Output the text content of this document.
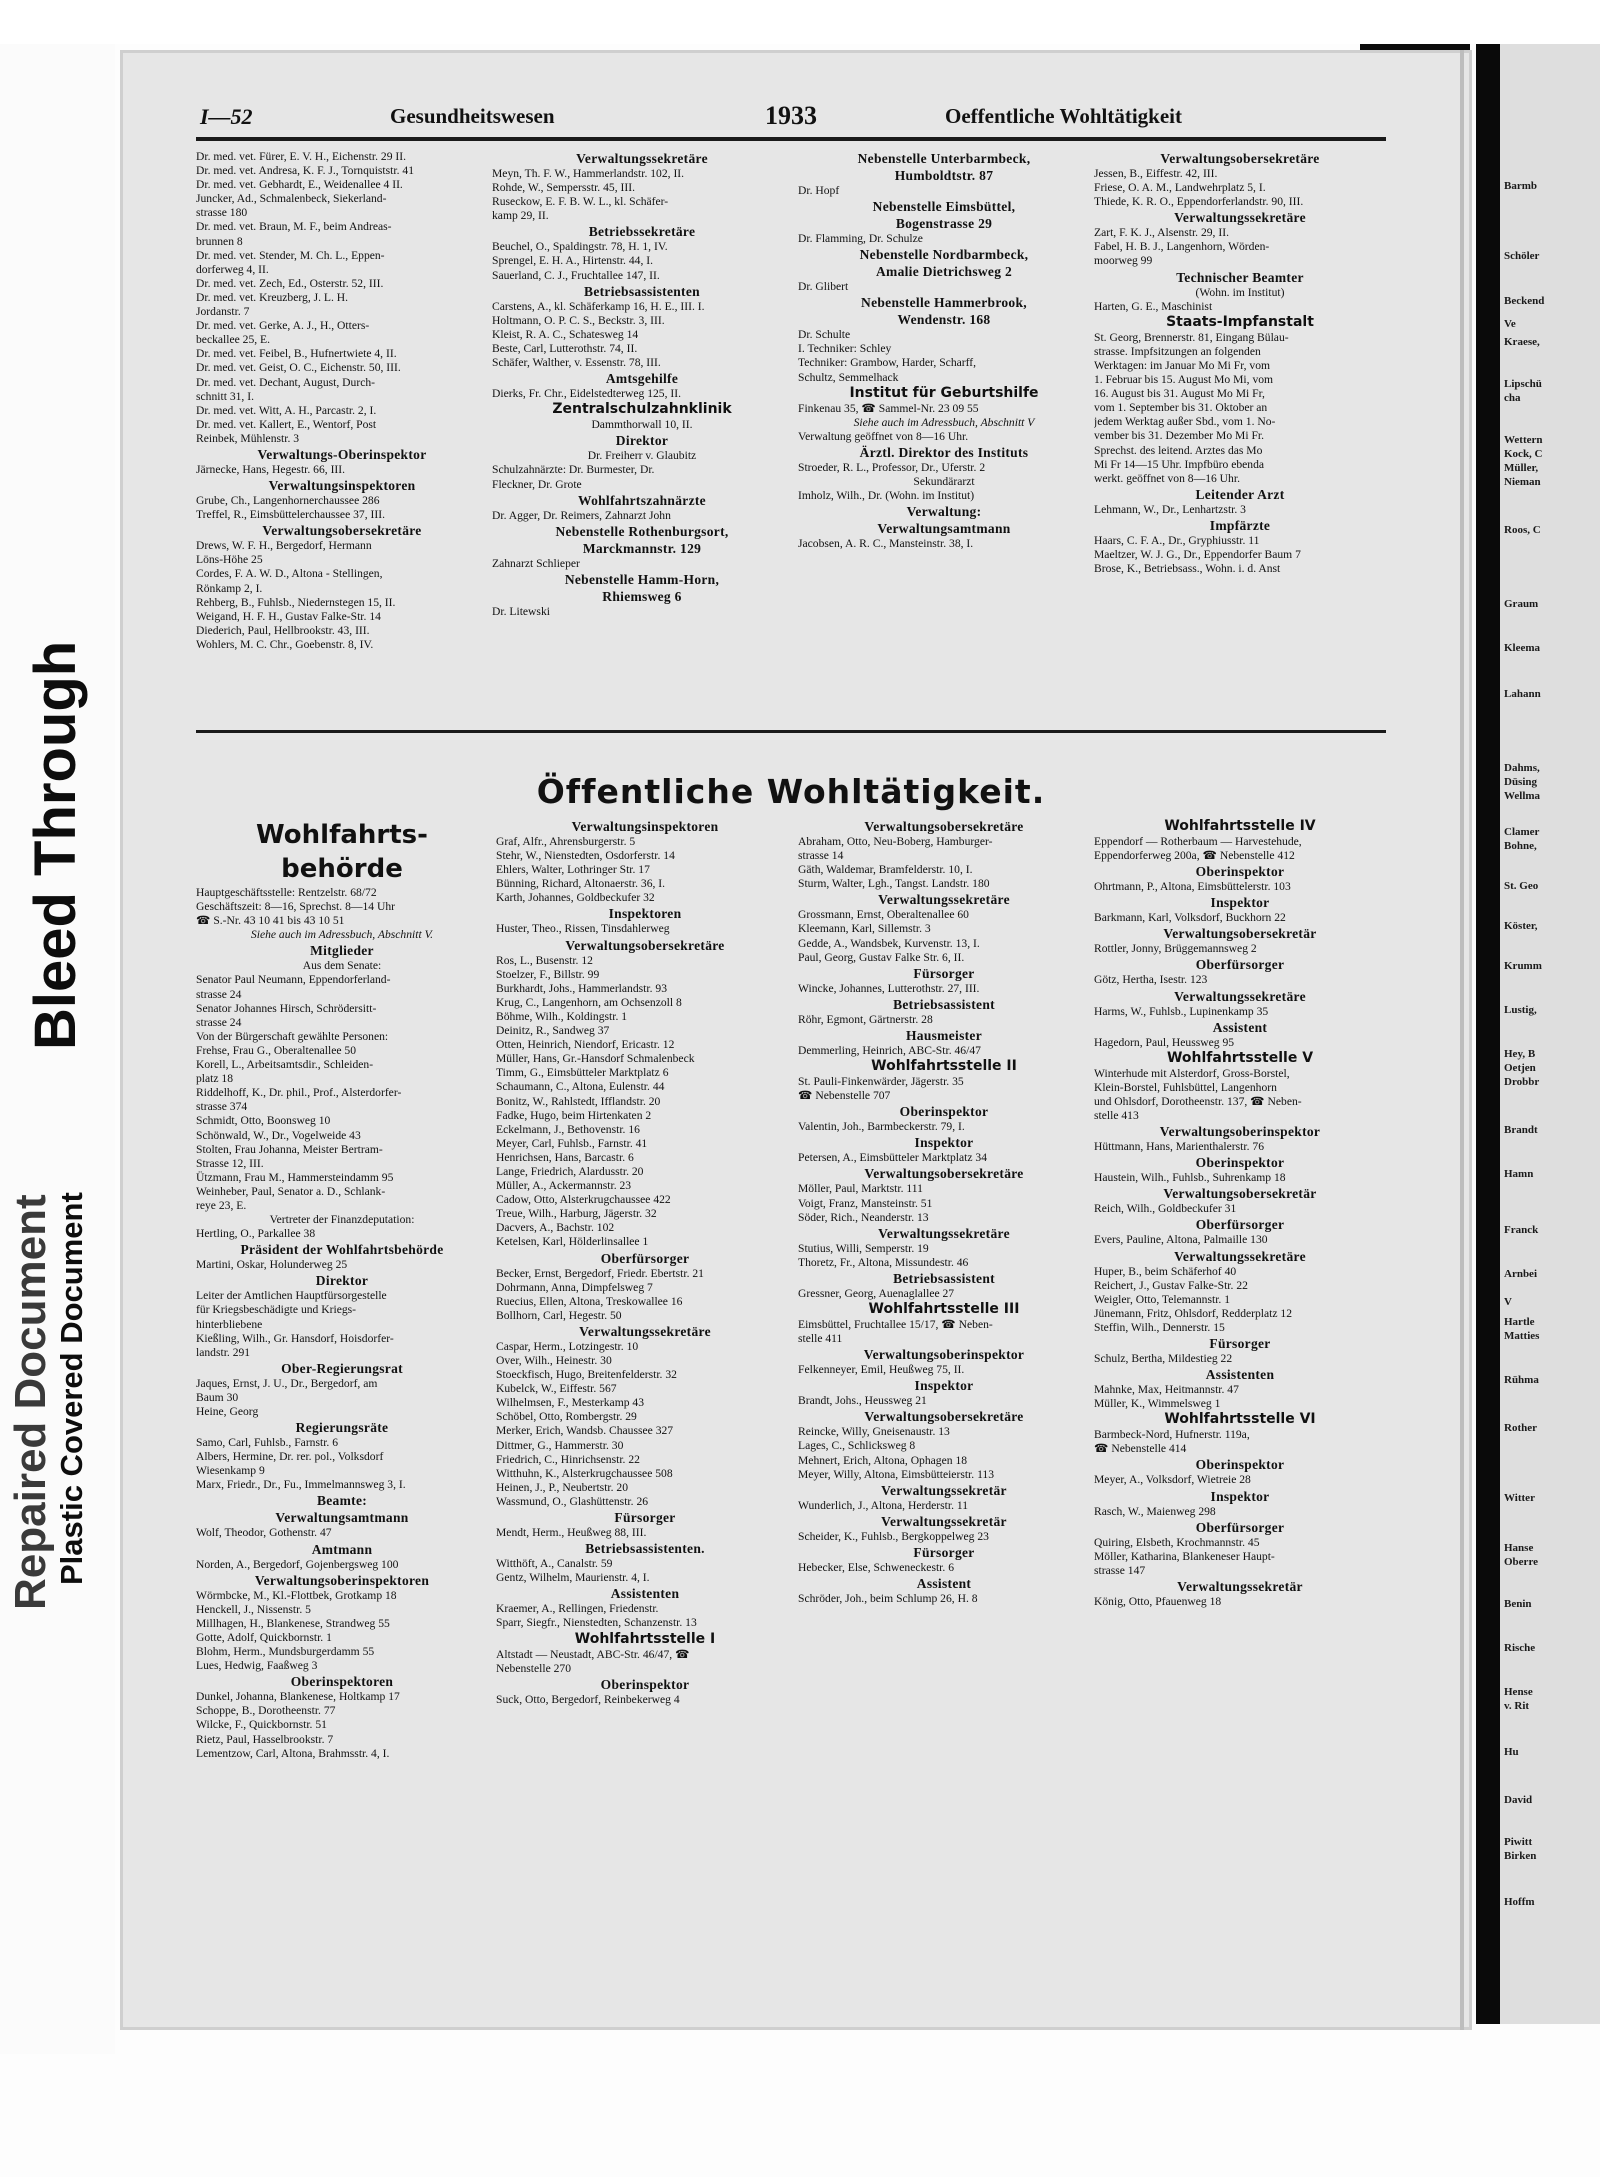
Repaired Document Plastic Covered Document
Bleed Through
Barmb
Schöler
Beckend
Ve
Kraese,
Lipschü
cha
Wettern
Kock, C
Müller,
Nieman
Roos, C
Graum
Kleema
Lahann
Dahms,
Düsing
Wellma
Clamer
Bohne,
St. Geo
Köster,
Krumm
Lustig,
Hey, B
Oetjen
Drobbr
Brandt
Hamn
Franck
Arnbei
V
Hartle
Matties
Rühma
Rother
Witter
Hanse
Oberre
Benin
Rische
Hense
v. Rit
Hu
David
Piwitt
Birken
Hoffm
I—52	Gesundheitswesen	1933	Oeffentliche Wohltätigkeit
Dr. med. vet. Fürer, E. V. H., Eichenstr. 29 II.
Dr. med. vet. Andresa, K. F. J., Tornquiststr. 41
Dr. med. vet. Gebhardt, E., Weidenallee 4 II.
Juncker, Ad., Schmalenbeck, Siekerland-
strasse 180
Dr. med. vet. Braun, M. F., beim Andreas-
brunnen 8
Dr. med. vet. Stender, M. Ch. L., Eppen-
dorferweg 4, II.
Dr. med. vet. Zech, Ed., Osterstr. 52, III.
Dr. med. vet. Kreuzberg, J. L. H.
Jordanstr. 7
Dr. med. vet. Gerke, A. J., H., Otters-
beckallee 25, E.
Dr. med. vet. Feibel, B., Hufnertwiete 4, II.
Dr. med. vet. Geist, O. C., Eichenstr. 50, III.
Dr. med. vet. Dechant, August, Durch-
schnitt 31, I.
Dr. med. vet. Witt, A. H., Parcastr. 2, I.
Dr. med. vet. Kallert, E., Wentorf, Post
Reinbek, Mühlenstr. 3
Verwaltungs-Oberinspektor
Järnecke, Hans, Hegestr. 66, III.
Verwaltungsinspektoren
Grube, Ch., Langenhornerchaussee 286
Treffel, R., Eimsbüttelerchaussee 37, III.
Verwaltungsobersekretäre
Drews, W. F. H., Bergedorf, Hermann
Löns-Höhe 25
Cordes, F. A. W. D., Altona - Stellingen,
Rönkamp 2, I.
Rehberg, B., Fuhlsb., Niedernstegen 15, II.
Weigand, H. F. H., Gustav Falke-Str. 14
Diederich, Paul, Hellbrookstr. 43, III.
Wohlers, M. C. Chr., Goebenstr. 8, IV.
Verwaltungssekretäre
Meyn, Th. F. W., Hammerlandstr. 102, II.
Rohde, W., Sempersstr. 45, III.
Ruseckow, E. F. B. W. L., kl. Schäfer-
kamp 29, II.
Betriebssekretäre
Beuchel, O., Spaldingstr. 78, H. 1, IV.
Sprengel, E. H. A., Hirtenstr. 44, I.
Sauerland, C. J., Fruchtallee 147, II.
Betriebsassistenten
Carstens, A., kl. Schäferkamp 16, H. E., III. I.
Holtmann, O. P. C. S., Beckstr. 3, III.
Kleist, R. A. C., Schatesweg 14
Beste, Carl, Lutterothstr. 74, II.
Schäfer, Walther, v. Essenstr. 78, III.
Amtsgehilfe
Dierks, Fr. Chr., Eidelstedterweg 125, II.
Zentralschulzahnklinik
Dammthorwall 10, II.
Direktor
Dr. Freiherr v. Glaubitz
Schulzahnärzte: Dr. Burmester, Dr.
Fleckner, Dr. Grote
Wohlfahrtszahnärzte
Dr. Agger, Dr. Reimers, Zahnarzt John
Nebenstelle Rothenburgsort,
Marckmannstr. 129
Zahnarzt Schlieper
Nebenstelle Hamm-Horn,
Rhiemsweg 6
Dr. Litewski
Nebenstelle Unterbarmbeck,
Humboldtstr. 87
Dr. Hopf
Nebenstelle Eimsbüttel,
Bogenstrasse 29
Dr. Flamming, Dr. Schulze
Nebenstelle Nordbarmbeck,
Amalie Dietrichsweg 2
Dr. Glibert
Nebenstelle Hammerbrook,
Wendenstr. 168
Dr. Schulte
I. Techniker: Schley
Techniker: Grambow, Harder, Scharff,
Schultz, Semmelhack
Institut für Geburtshilfe
Finkenau 35, ☎ Sammel-Nr. 23 09 55
Siehe auch im Adressbuch, Abschnitt V
Verwaltung geöffnet von 8—16 Uhr.
Ärztl. Direktor des Instituts
Stroeder, R. L., Professor, Dr., Uferstr. 2
Sekundärarzt
Imholz, Wilh., Dr. (Wohn. im Institut)
Verwaltung:
Verwaltungsamtmann
Jacobsen, A. R. C., Mansteinstr. 38, I.
Verwaltungsobersekretäre
Jessen, B., Eiffestr. 42, III.
Friese, O. A. M., Landwehrplatz 5, I.
Thiede, K. R. O., Eppendorferlandstr. 90, III.
Verwaltungssekretäre
Zart, F. K. J., Alsenstr. 29, II.
Fabel, H. B. J., Langenhorn, Wörden-
moorweg 99
Technischer Beamter
(Wohn. im Institut)
Harten, G. E., Maschinist
Staats-Impfanstalt
St. Georg, Brennerstr. 81, Eingang Bülau-
strasse. Impfsitzungen an folgenden
Werktagen: im Januar Mo Mi Fr, vom
1. Februar bis 15. August Mo Mi, vom
16. August bis 31. August Mo Mi Fr,
vom 1. September bis 31. Oktober an
jedem Werktag außer Sbd., vom 1. No-
vember bis 31. Dezember Mo Mi Fr.
Sprechst. des leitend. Arztes das Mo
Mi Fr 14—15 Uhr. Impfbüro ebenda
werkt. geöffnet von 8—16 Uhr.
Leitender Arzt
Lehmann, W., Dr., Lenhartzstr. 3
Impfärzte
Haars, C. F. A., Dr., Gryphiusstr. 11
Maeltzer, W. J. G., Dr., Eppendorfer Baum 7
Brose, K., Betriebsass., Wohn. i. d. Anst
Öffentliche Wohltätigkeit.
Wohlfahrts-
behörde
Hauptgeschäftsstelle: Rentzelstr. 68/72
Geschäftszeit: 8—16, Sprechst. 8—14 Uhr
☎ S.-Nr. 43 10 41 bis 43 10 51
Siehe auch im Adressbuch, Abschnitt V.
Mitglieder
Aus dem Senate:
Senator Paul Neumann, Eppendorferland-
strasse 24
Senator Johannes Hirsch, Schrödersitt-
strasse 24
Von der Bürgerschaft gewählte Personen:
Frehse, Frau G., Oberaltenallee 50
Korell, L., Arbeitsamtsdir., Schleiden-
platz 18
Riddelhoff, K., Dr. phil., Prof., Alsterdorfer-
strasse 374
Schmidt, Otto, Boonsweg 10
Schönwald, W., Dr., Vogelweide 43
Stolten, Frau Johanna, Meister Bertram-
Strasse 12, III.
Ützmann, Frau M., Hammersteindamm 95
Weinheber, Paul, Senator a. D., Schlank-
reye 23, E.
Vertreter der Finanzdeputation:
Hertling, O., Parkallee 38
Präsident der Wohlfahrtsbehörde
Martini, Oskar, Holunderweg 25
Direktor
Leiter der Amtlichen Hauptfürsorgestelle
für Kriegsbeschädigte und Kriegs-
hinterbliebene
Kießling, Wilh., Gr. Hansdorf, Hoisdorfer-
landstr. 291
Ober-Regierungsrat
Jaques, Ernst, J. U., Dr., Bergedorf, am
Baum 30
Heine, Georg
Regierungsräte
Samo, Carl, Fuhlsb., Farnstr. 6
Albers, Hermine, Dr. rer. pol., Volksdorf
Wiesenkamp 9
Marx, Friedr., Dr., Fu., Immelmannsweg 3, I.
Beamte:
Verwaltungsamtmann
Wolf, Theodor, Gothenstr. 47
Amtmann
Norden, A., Bergedorf, Gojenbergsweg 100
Verwaltungsoberinspektoren
Wörmbcke, M., Kl.-Flottbek, Grotkamp 18
Henckell, J., Nissenstr. 5
Millhagen, H., Blankenese, Strandweg 55
Gotte, Adolf, Quickbornstr. 1
Blohm, Herm., Mundsburgerdamm 55
Lues, Hedwig, Faaßweg 3
Oberinspektoren
Dunkel, Johanna, Blankenese, Holtkamp 17
Schoppe, B., Dorotheenstr. 77
Wilcke, F., Quickbornstr. 51
Rietz, Paul, Hasselbrookstr. 7
Lementzow, Carl, Altona, Brahmsstr. 4, I.
Verwaltungsinspektoren
Graf, Alfr., Ahrensburgerstr. 5
Stehr, W., Nienstedten, Osdorferstr. 14
Ehlers, Walter, Lothringer Str. 17
Bünning, Richard, Altonaerstr. 36, I.
Karth, Johannes, Goldbeckufer 32
Inspektoren
Huster, Theo., Rissen, Tinsdahlerweg
Verwaltungsobersekretäre
Ros, L., Busenstr. 12
Stoelzer, F., Billstr. 99
Burkhardt, Johs., Hammerlandstr. 93
Krug, C., Langenhorn, am Ochsenzoll 8
Böhme, Wilh., Koldingstr. 1
Deinitz, R., Sandweg 37
Otten, Heinrich, Niendorf, Ericastr. 12
Müller, Hans, Gr.-Hansdorf Schmalenbeck
Timm, G., Eimsbütteler Marktplatz 6
Schaumann, C., Altona, Eulenstr. 44
Bonitz, W., Rahlstedt, Ifflandstr. 20
Fadke, Hugo, beim Hirtenkaten 2
Eckelmann, J., Bethovenstr. 16
Meyer, Carl, Fuhlsb., Farnstr. 41
Henrichsen, Hans, Barcastr. 6
Lange, Friedrich, Alardusstr. 20
Müller, A., Ackermannstr. 23
Cadow, Otto, Alsterkrugchaussee 422
Treue, Wilh., Harburg, Jägerstr. 32
Dacvers, A., Bachstr. 102
Ketelsen, Karl, Hölderlinsallee 1
Oberfürsorger
Becker, Ernst, Bergedorf, Friedr. Ebertstr. 21
Dohrmann, Anna, Dimpfelsweg 7
Ruecius, Ellen, Altona, Treskowallee 16
Bollhorn, Carl, Hegestr. 50
Verwaltungssekretäre
Caspar, Herm., Lotzingestr. 10
Over, Wilh., Heinestr. 30
Stoeckfisch, Hugo, Breitenfelderstr. 32
Kubelck, W., Eiffestr. 567
Wilhelmsen, F., Mesterkamp 43
Schöbel, Otto, Rombergstr. 29
Merker, Erich, Wandsb. Chaussee 327
Dittmer, G., Hammerstr. 30
Friedrich, C., Hinrichsenstr. 22
Witthuhn, K., Alsterkrugchaussee 508
Heinen, J., P., Neubertstr. 20
Wassmund, O., Glashüttenstr. 26
Fürsorger
Mendt, Herm., Heußweg 88, III.
Betriebsassistenten.
Witthöft, A., Canalstr. 59
Gentz, Wilhelm, Maurienstr. 4, I.
Assistenten
Kraemer, A., Rellingen, Friedenstr.
Sparr, Siegfr., Nienstedten, Schanzenstr. 13
Wohlfahrtsstelle I
Altstadt — Neustadt, ABC-Str. 46/47, ☎
Nebenstelle 270
Oberinspektor
Suck, Otto, Bergedorf, Reinbekerweg 4
Verwaltungsobersekretäre
Abraham, Otto, Neu-Boberg, Hamburger-
strasse 14
Gäth, Waldemar, Bramfelderstr. 10, I.
Sturm, Walter, Lgh., Tangst. Landstr. 180
Verwaltungssekretäre
Grossmann, Ernst, Oberaltenallee 60
Kleemann, Karl, Sillemstr. 3
Gedde, A., Wandsbek, Kurvenstr. 13, I.
Paul, Georg, Gustav Falke Str. 6, II.
Fürsorger
Wincke, Johannes, Lutterothstr. 27, III.
Betriebsassistent
Röhr, Egmont, Gärtnerstr. 28
Hausmeister
Demmerling, Heinrich, ABC-Str. 46/47
Wohlfahrtsstelle II
St. Pauli-Finkenwärder, Jägerstr. 35
☎ Nebenstelle 707
Oberinspektor
Valentin, Joh., Barmbeckerstr. 79, I.
Inspektor
Petersen, A., Eimsbütteler Marktplatz 34
Verwaltungsobersekretäre
Möller, Paul, Marktstr. 111
Voigt, Franz, Mansteinstr. 51
Söder, Rich., Neanderstr. 13
Verwaltungssekretäre
Stutius, Willi, Semperstr. 19
Thoretz, Fr., Altona, Missundestr. 46
Betriebsassistent
Gressner, Georg, Auenaglallee 27
Wohlfahrtsstelle III
Eimsbüttel, Fruchtallee 15/17, ☎ Neben-
stelle 411
Verwaltungsoberinspektor
Felkenneyer, Emil, Heußweg 75, II.
Inspektor
Brandt, Johs., Heussweg 21
Verwaltungsobersekretäre
Reincke, Willy, Gneisenaustr. 13
Lages, C., Schlicksweg 8
Mehnert, Erich, Altona, Ophagen 18
Meyer, Willy, Altona, Eimsbütteierstr. 113
Verwaltungssekretär
Wunderlich, J., Altona, Herderstr. 11
Verwaltungssekretär
Scheider, K., Fuhlsb., Bergkoppelweg 23
Fürsorger
Hebecker, Else, Schweneckestr. 6
Assistent
Schröder, Joh., beim Schlump 26, H. 8
Wohlfahrtsstelle IV
Eppendorf — Rotherbaum — Harvestehude,
Eppendorferweg 200a, ☎ Nebenstelle 412
Oberinspektor
Ohrtmann, P., Altona, Eimsbüttelerstr. 103
Inspektor
Barkmann, Karl, Volksdorf, Buckhorn 22
Verwaltungsobersekretär
Rottler, Jonny, Brüggemannsweg 2
Oberfürsorger
Götz, Hertha, Isestr. 123
Verwaltungssekretäre
Harms, W., Fuhlsb., Lupinenkamp 35
Assistent
Hagedorn, Paul, Heussweg 95
Wohlfahrtsstelle V
Winterhude mit Alsterdorf, Gross-Borstel,
Klein-Borstel, Fuhlsbüttel, Langenhorn
und Ohlsdorf, Dorotheenstr. 137, ☎ Neben-
stelle 413
Verwaltungsoberinspektor
Hüttmann, Hans, Marienthalerstr. 76
Oberinspektor
Haustein, Wilh., Fuhlsb., Suhrenkamp 18
Verwaltungsobersekretär
Reich, Wilh., Goldbeckufer 31
Oberfürsorger
Evers, Pauline, Altona, Palmaille 130
Verwaltungssekretäre
Huper, B., beim Schäferhof 40
Reichert, J., Gustav Falke-Str. 22
Weigler, Otto, Telemannstr. 1
Jünemann, Fritz, Ohlsdorf, Redderplatz 12
Steffin, Wilh., Dennerstr. 15
Fürsorger
Schulz, Bertha, Mildestieg 22
Assistenten
Mahnke, Max, Heitmannstr. 47
Müller, K., Wimmelsweg 1
Wohlfahrtsstelle VI
Barmbeck-Nord, Hufnerstr. 119a,
☎ Nebenstelle 414
Oberinspektor
Meyer, A., Volksdorf, Wietreie 28
Inspektor
Rasch, W., Maienweg 298
Oberfürsorger
Quiring, Elsbeth, Krochmannstr. 45
Möller, Katharina, Blankeneser Haupt-
strasse 147
Verwaltungssekretär
König, Otto, Pfauenweg 18
